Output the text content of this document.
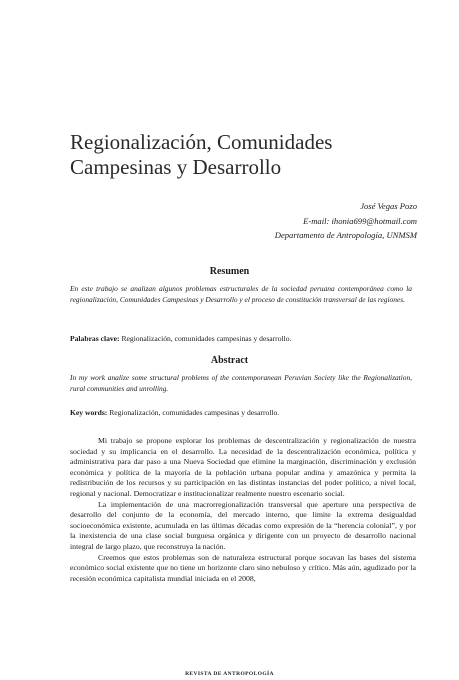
Regionalización, Comunidades
Campesinas y Desarrollo
José Vegas Pozo
E-mail: ihonia699@hotmail.com
Departamento de Antropología, UNMSM
Resumen

En este trabajo se analizan algunos problemas estructurales de la sociedad peruana contemporánea como la regionalización, Comunidades Campesinas y Desarrollo y el proceso de constitución transversal de las regiones.

Palabras clave: Regionalización, comunidades campesinas y desarrollo.

Abstract

In my work analize some structural problems of the contemporanean Peruvian Society like the Regionalization, rural communities and unrolling.

Key words: Regionalización, comunidades campesinas y desarrollo.

Mi trabajo se propone explorar los problemas de descentralización y regionalización de nuestra sociedad y su implicancia en el desarrollo. La necesidad de la descentralización económica, política y administrativa para dar paso a una Nueva Sociedad que elimine la marginación, discriminación y exclusión económica y política de la mayoría de la población urbana popular andina y amazónica y permita la redistribución de los recursos y su participación en las distintas instancias del poder político, a nivel local, regional y nacional. Democratizar e institucionalizar realmente nuestro escenario social.

La implementación de una macrorregionalización transversal que aperture una perspectiva de desarrollo del conjunto de la economía, del mercado interno, que limite la extrema desigualdad socioeconómica existente, acumulada en las últimas décadas como expresión de la “herencia colonial”, y por la inexistencia de una clase social burguesa orgánica y dirigente con un proyecto de desarrollo nacional integral de largo plazo, que reconstruya la nación.

Creemos que estos problemas son de naturaleza estructural porque socavan las bases del sistema económico social existente que no tiene un horizonte claro sino nebuloso y crítico. Más aún, agudizado por la recesión económica capitalista mundial iniciada en el 2008,

REVISTA DE ANTROPOLOGÍA
